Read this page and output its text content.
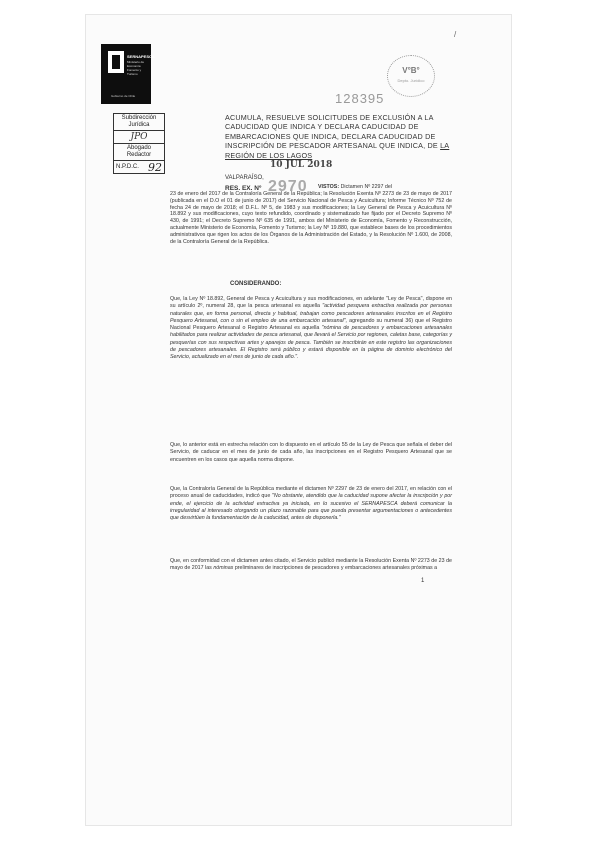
SERNAPESCA
Ministerio de Economía Fomento y Turismo
Gobierno de Chile
Subdirección Jurídica
JPO
Abogado Redactor
N.P.D.C. 92
V°B°
Depto. Jurídico
/
128395
ACUMULA, RESUELVE SOLICITUDES DE EXCLUSIÓN A LA CADUCIDAD QUE INDICA Y DECLARA CADUCIDAD DE EMBARCACIONES QUE INDICA, DECLARA CADUCIDAD DE INSCRIPCIÓN DE PESCADOR ARTESANAL QUE INDICA, DE LA REGIÓN DE LOS LAGOS
10 JUL 2018
VALPARAÍSO,
RES. EX. Nº 2970 VISTOS: Dictamen Nº 2297 del
23 de enero del 2017 de la Contraloría General de la República; la Resolución Exenta Nº 2273 de 23 de mayo de 2017 (publicada en el D.O el 01 de junio de 2017) del Servicio Nacional de Pesca y Acuicultura; Informe Técnico Nº 752 de fecha 24 de mayo de 2018; el D.F.L. Nº 5, de 1983 y sus modificaciones; la Ley General de Pesca y Acuicultura Nº 18.892 y sus modificaciones, cuyo texto refundido, coordinado y sistematizado fue fijado por el Decreto Supremo Nº 430, de 1991; el Decreto Supremo Nº 635 de 1991, ambos del Ministerio de Economía, Fomento y Reconstrucción, actualmente Ministerio de Economía, Fomento y Turismo; la Ley Nº 19.880, que establece bases de los procedimientos administrativos que rigen los actos de los Órganos de la Administración del Estado, y la Resolución Nº 1.600, de 2008, de la Contraloría General de la República.
CONSIDERANDO:
Que, la Ley Nº 18.892, General de Pesca y Acuicultura y sus modificaciones, en adelante "Ley de Pesca", dispone en su artículo 2º, numeral 28, que la pesca artesanal es aquella "actividad pesquera extractiva realizada por personas naturales que, en forma personal, directa y habitual, trabajan como pescadores artesanales inscritos en el Registro Pesquero Artesanal, con o sin el empleo de una embarcación artesanal", agregando su numeral 36) que el Registro Nacional Pesquero Artesanal o Registro Artesanal es aquella "nómina de pescadores y embarcaciones artesanales habilitados para realizar actividades de pesca artesanal, que llevará el Servicio por regiones, caletas base, categorías y pesquerías con sus respectivas artes y aparejos de pesca. También se inscribirán en este registro las organizaciones de pescadores artesanales. El Registro será público y estará disponible en la página de dominio electrónico del Servicio, actualizado en el mes de junio de cada año.".
Que, lo anterior está en estrecha relación con lo dispuesto en el artículo 55 de la Ley de Pesca que señala el deber del Servicio, de caducar en el mes de junio de cada año, las inscripciones en el Registro Pesquero Artesanal que se encuentren en los casos que aquella norma dispone.
Que, la Contraloría General de la República mediante el dictamen Nº 2297 de 23 de enero del 2017, en relación con el proceso anual de caducidades, indicó que "No obstante, atendido que la caducidad supone afectar la inscripción y por ende, el ejercicio de la actividad extractiva ya iniciada, en lo sucesivo el SERNAPESCA deberá comunicar la irregularidad al interesado otorgando un plazo razonable para que pueda presentar argumentaciones o antecedentes que desvirtúen la fundamentación de la caducidad, antes de disponerla."
Que, en conformidad con el dictamen antes citado, el Servicio publicó mediante la Resolución Exenta Nº 2273 de 23 de mayo de 2017 las nóminas preliminares de inscripciones de pescadores y embarcaciones artesanales próximas a
1
